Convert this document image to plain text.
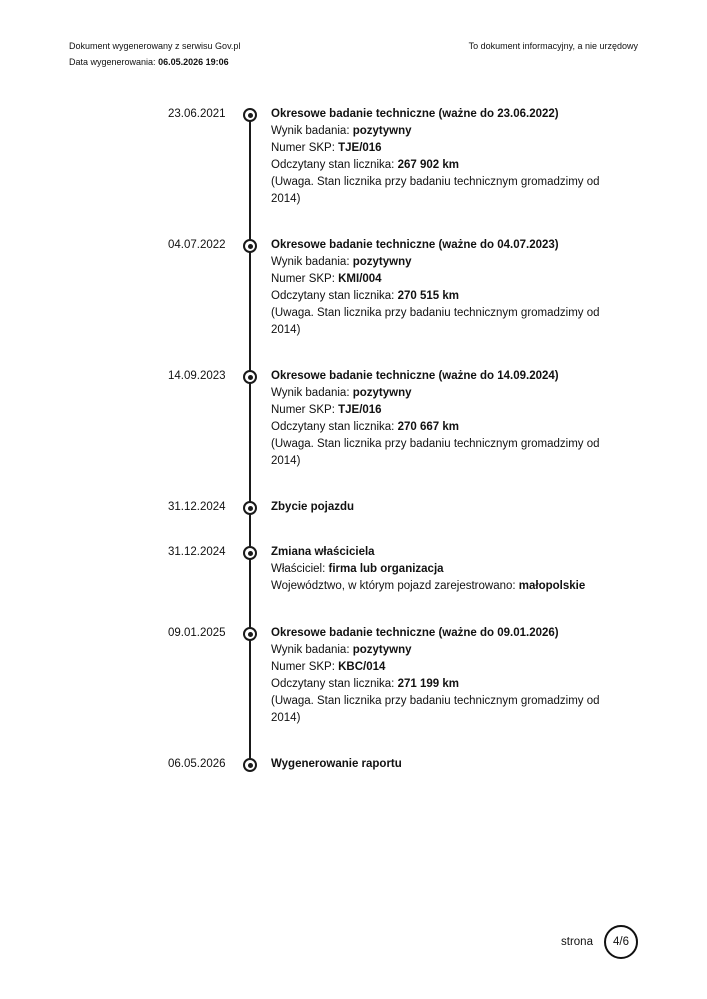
Dokument wygenerowany z serwisu Gov.pl	To dokument informacyjny, a nie urzędowy
Data wygenerowania: 06.05.2026 19:06
23.06.2021	Okresowe badanie techniczne (ważne do 23.06.2022)
Wynik badania: pozytywny
Numer SKP: TJE/016
Odczytany stan licznika: 267 902 km
(Uwaga. Stan licznika przy badaniu technicznym gromadzimy od 2014)
04.07.2022	Okresowe badanie techniczne (ważne do 04.07.2023)
Wynik badania: pozytywny
Numer SKP: KMI/004
Odczytany stan licznika: 270 515 km
(Uwaga. Stan licznika przy badaniu technicznym gromadzimy od 2014)
14.09.2023	Okresowe badanie techniczne (ważne do 14.09.2024)
Wynik badania: pozytywny
Numer SKP: TJE/016
Odczytany stan licznika: 270 667 km
(Uwaga. Stan licznika przy badaniu technicznym gromadzimy od 2014)
31.12.2024	Zbycie pojazdu
31.12.2024	Zmiana właściciela
Właściciel: firma lub organizacja
Województwo, w którym pojazd zarejestrowano: małopolskie
09.01.2025	Okresowe badanie techniczne (ważne do 09.01.2026)
Wynik badania: pozytywny
Numer SKP: KBC/014
Odczytany stan licznika: 271 199 km
(Uwaga. Stan licznika przy badaniu technicznym gromadzimy od 2014)
06.05.2026	Wygenerowanie raportu
strona 4/6
